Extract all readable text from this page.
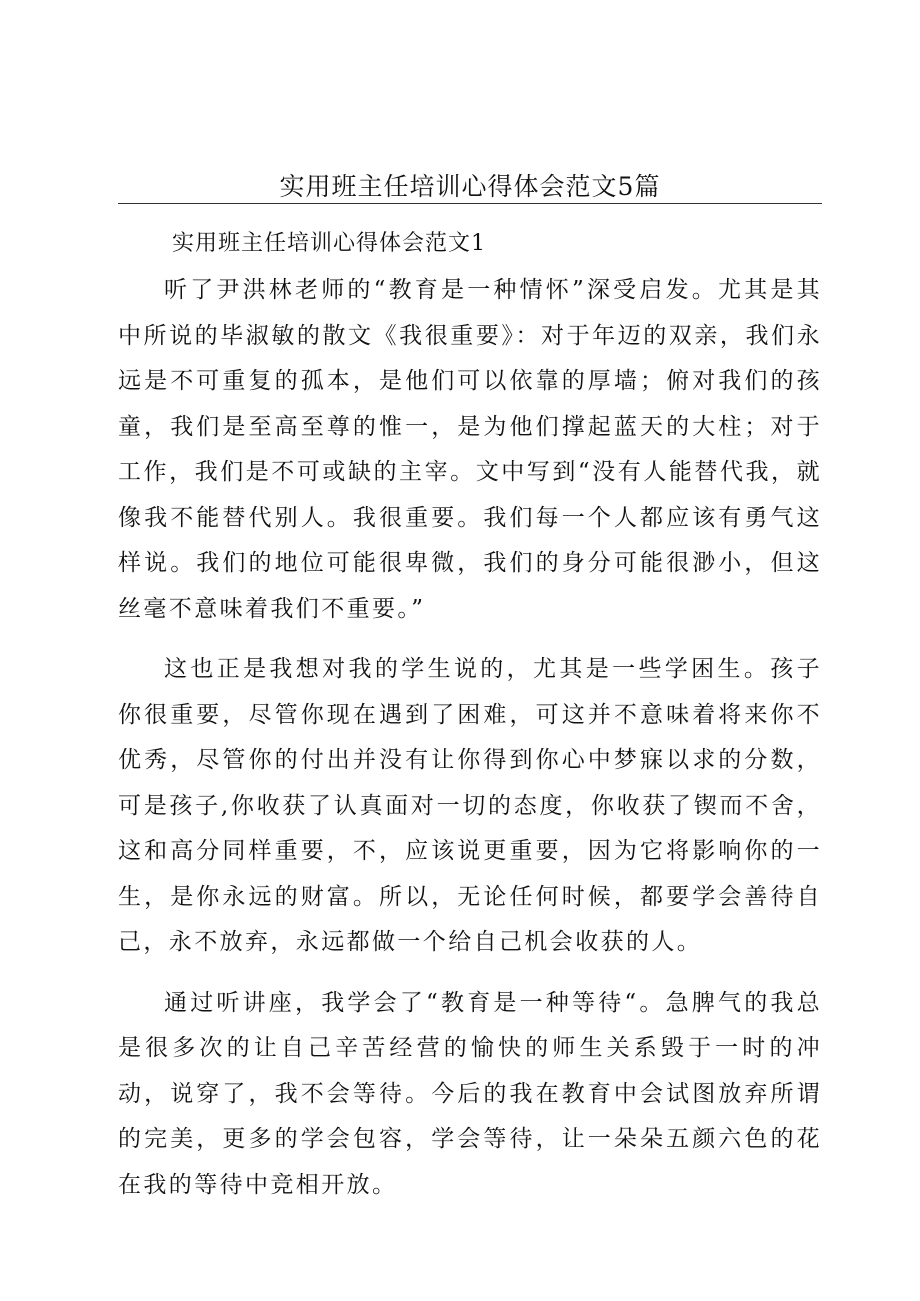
实用班主任培训心得体会范文5篇
实用班主任培训心得体会范文1

听了尹洪林老师的“教育是一种情怀”深受启发。尤其是其中所说的毕淑敏的散文《我很重要》：对于年迈的双亲，我们永远是不可重复的孤本，是他们可以依靠的厚墙；俯对我们的孩童，我们是至高至尊的惟一，是为他们撑起蓝天的大柱；对于工作，我们是不可或缺的主宰。文中写到“没有人能替代我，就像我不能替代别人。我很重要。我们每一个人都应该有勇气这样说。我们的地位可能很卑微，我们的身分可能很渺小，但这丝毫不意味着我们不重要。”

这也正是我想对我的学生说的，尤其是一些学困生。孩子你很重要，尽管你现在遇到了困难，可这并不意味着将来你不优秀，尽管你的付出并没有让你得到你心中梦寐以求的分数，可是孩子,你收获了认真面对一切的态度，你收获了锲而不舍，这和高分同样重要，不，应该说更重要，因为它将影响你的一生，是你永远的财富。所以，无论任何时候，都要学会善待自己，永不放弃，永远都做一个给自己机会收获的人。

通过听讲座，我学会了“教育是一种等待“。急脾气的我总是很多次的让自己辛苦经营的愉快的师生关系毁于一时的冲动，说穿了，我不会等待。今后的我在教育中会试图放弃所谓的完美，更多的学会包容，学会等待，让一朵朵五颜六色的花在我的等待中竞相开放。
